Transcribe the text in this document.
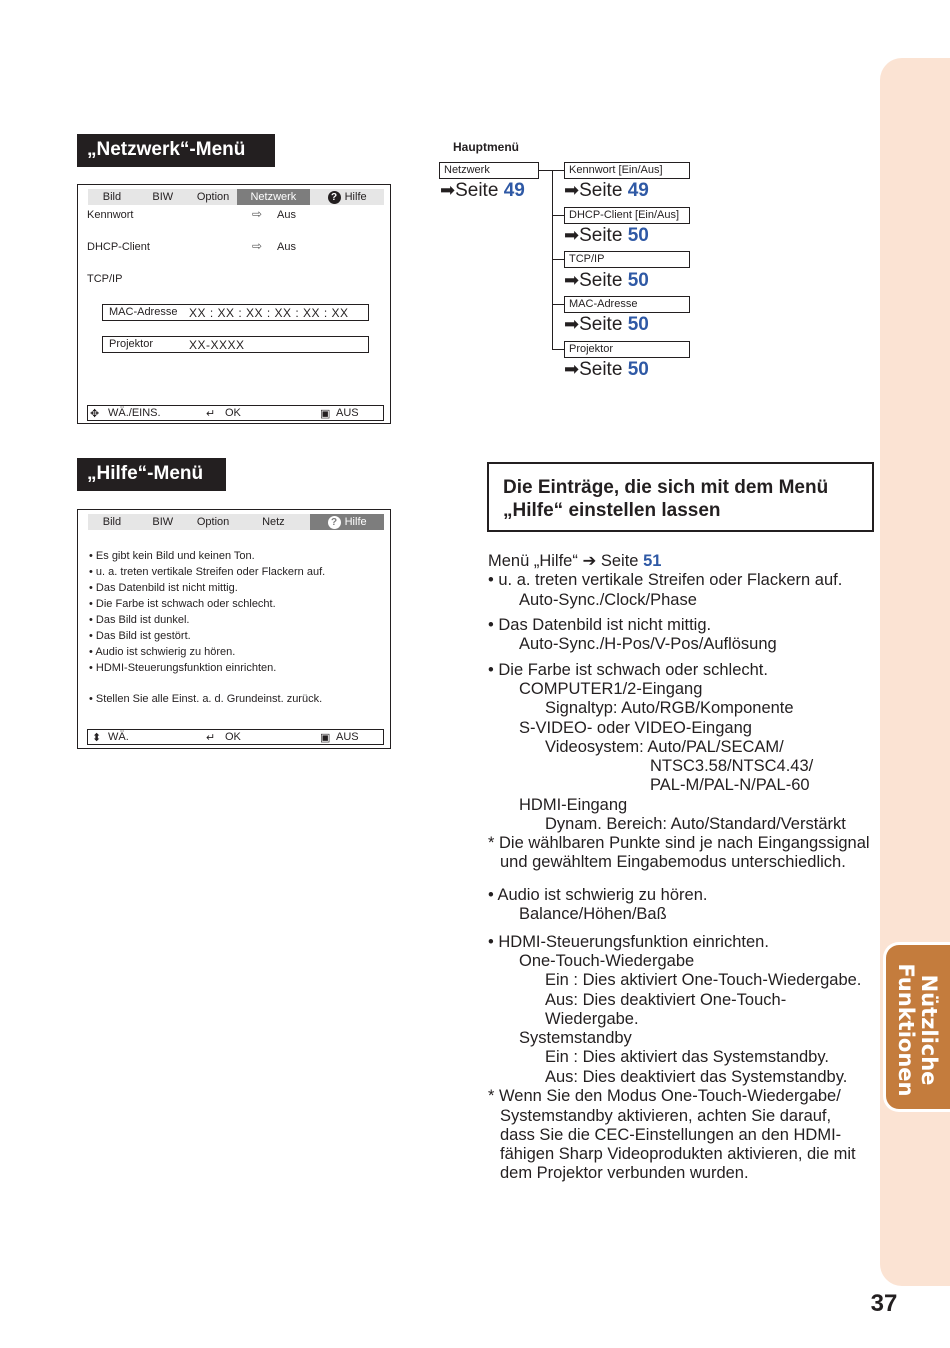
Nützliche
Funktionen
37
„Netzwerk“-Menü
Bild	BIW	Option	Netzwerk	? Hilfe
Kennwort	⇨ Aus
DHCP-Client	⇨ Aus
TCP/IP
MAC-Adresse XX : XX : XX : XX : XX : XX
Projektor	XX-XXXX
✥ WÄ./EINS.	↵ OK	▣ AUS
„Hilfe“-Menü
Bild	BIW	Option	Netz	? Hilfe
• Es gibt kein Bild und keinen Ton.
• u. a. treten vertikale Streifen oder Flackern auf.
• Das Datenbild ist nicht mittig.
• Die Farbe ist schwach oder schlecht.
• Das Bild ist dunkel.
• Das Bild ist gestört.
• Audio ist schwierig zu hören.
• HDMI-Steuerungsfunktion einrichten.
• Stellen Sie alle Einst. a. d. Grundeinst. zurück.
⬍ WÄ.	↵ OK	▣ AUS
Hauptmenü
Netzwerk
➡Seite 49
Kennwort [Ein/Aus]
➡Seite 49
DHCP-Client [Ein/Aus]
➡Seite 50
TCP/IP
➡Seite 50
MAC-Adresse
➡Seite 50
Projektor
➡Seite 50
Die Einträge, die sich mit dem Menü
„Hilfe“ einstellen lassen
Menü „Hilfe“ ➔ Seite 51
• u. a. treten vertikale Streifen oder Flackern auf.
Auto-Sync./Clock/Phase
• Das Datenbild ist nicht mittig.
Auto-Sync./H-Pos/V-Pos/Auflösung
• Die Farbe ist schwach oder schlecht.
COMPUTER1/2-Eingang
Signaltyp: Auto/RGB/Komponente
S-VIDEO- oder VIDEO-Eingang
Videosystem: Auto/PAL/SECAM/
NTSC3.58/NTSC4.43/
PAL-M/PAL-N/PAL-60
HDMI-Eingang
Dynam. Bereich: Auto/Standard/Verstärkt
* Die wählbaren Punkte sind je nach Eingangssignal
und gewähltem Eingabemodus unterschiedlich.
• Audio ist schwierig zu hören.
Balance/Höhen/Baß
• HDMI-Steuerungsfunktion einrichten.
One-Touch-Wiedergabe
Ein : Dies aktiviert One-Touch-Wiedergabe.
Aus: Dies deaktiviert One-Touch-
Wiedergabe.
Systemstandby
Ein : Dies aktiviert das Systemstandby.
Aus: Dies deaktiviert das Systemstandby.
* Wenn Sie den Modus One-Touch-Wiedergabe/
Systemstandby aktivieren, achten Sie darauf,
dass Sie die CEC-Einstellungen an den HDMI-
fähigen Sharp Videoprodukten aktivieren, die mit
dem Projektor verbunden wurden.
